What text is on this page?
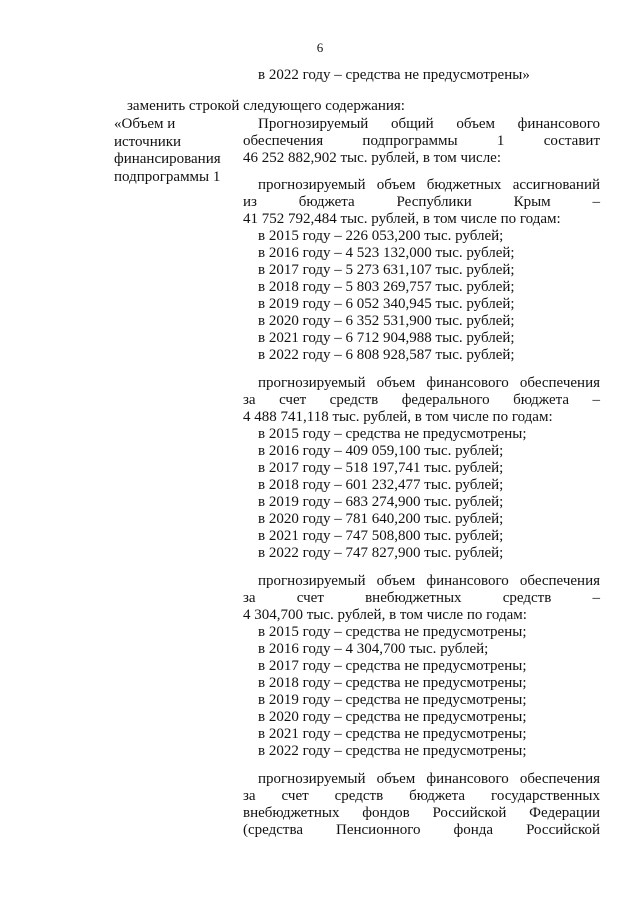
6
в 2022 году – средства не предусмотрены»
заменить строкой следующего содержания:
«Объем и
источники
финансирования
подпрограммы 1
Прогнозируемый общий объем финансового
обеспечения подпрограммы 1 составит
46 252 882,902 тыс. рублей, в том числе:
прогнозируемый объем бюджетных ассигнований
из бюджета Республики Крым –
41 752 792,484 тыс. рублей, в том числе по годам:
в 2015 году – 226 053,200 тыс. рублей;
в 2016 году – 4 523 132,000 тыс. рублей;
в 2017 году – 5 273 631,107 тыс. рублей;
в 2018 году – 5 803 269,757 тыс. рублей;
в 2019 году – 6 052 340,945 тыс. рублей;
в 2020 году – 6 352 531,900 тыс. рублей;
в 2021 году – 6 712 904,988 тыс. рублей;
в 2022 году – 6 808 928,587 тыс. рублей;
прогнозируемый объем финансового обеспечения
за счет средств федерального бюджета –
4 488 741,118 тыс. рублей, в том числе по годам:
в 2015 году – средства не предусмотрены;
в 2016 году – 409 059,100 тыс. рублей;
в 2017 году – 518 197,741 тыс. рублей;
в 2018 году – 601 232,477 тыс. рублей;
в 2019 году – 683 274,900 тыс. рублей;
в 2020 году – 781 640,200 тыс. рублей;
в 2021 году – 747 508,800 тыс. рублей;
в 2022 году – 747 827,900 тыс. рублей;
прогнозируемый объем финансового обеспечения
за счет внебюджетных средств –
4 304,700 тыс. рублей, в том числе по годам:
в 2015 году – средства не предусмотрены;
в 2016 году – 4 304,700 тыс. рублей;
в 2017 году – средства не предусмотрены;
в 2018 году – средства не предусмотрены;
в 2019 году – средства не предусмотрены;
в 2020 году – средства не предусмотрены;
в 2021 году – средства не предусмотрены;
в 2022 году – средства не предусмотрены;
прогнозируемый объем финансового обеспечения
за счет средств бюджета государственных
внебюджетных фондов Российской Федерации
(средства Пенсионного фонда Российской
